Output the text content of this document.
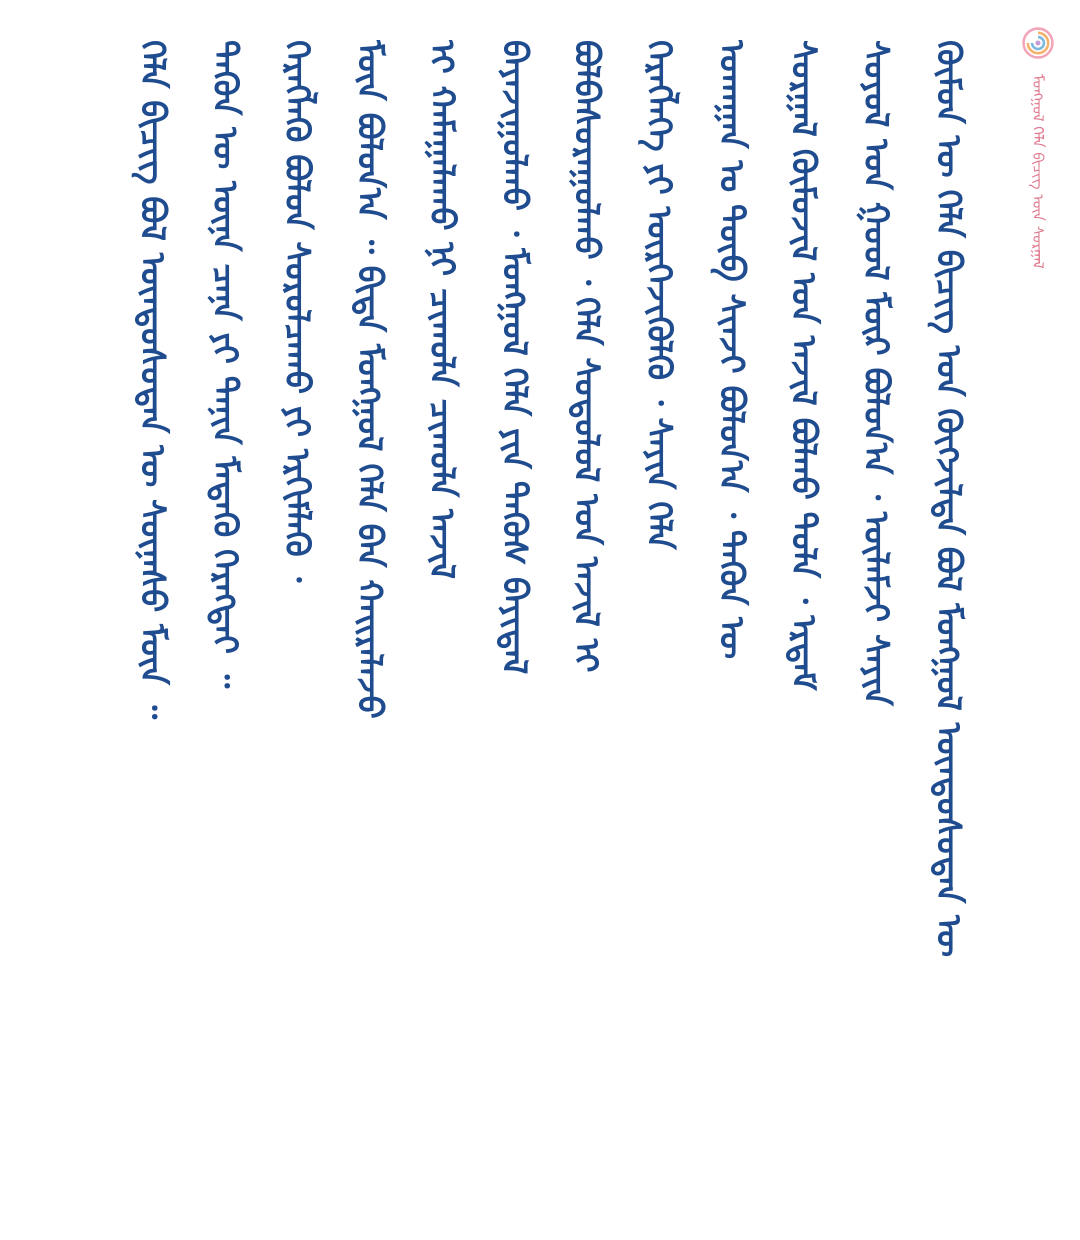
ᠮᠣᠩᠭᠣᠯ ᠬᠡᠯᠡ ᠪᠢᠴᠢᠭ ᠦᠨ ᠰᠤᠷᠭᠠᠯ
ᠬᠦᠮᠦᠨ ᠦ ᠬᠡᠯᠡ ᠪᠢᠴᠢᠭ ᠤᠨ ᠬᠥᠭᠵᠢᠯᠲᠡ ᠪᠣᠯ ᠮᠣᠩᠭᠣᠯ ᠦᠨᠳᠦᠰᠦᠲᠡᠨ ᠦ
ᠰᠣᠶᠣᠯ ᠤᠨ ᠭᠣᠣᠯ ᠮᠥᠷ ᠪᠣᠯᠤᠨ᠎ᠠ ᠂ ᠦᠯᠡᠮᠵᠢ ᠰᠠᠶᠢᠨ
ᠰᠤᠷᠭᠠᠯ ᠬᠥᠮᠦᠵᠢᠯ ᠤᠨ ᠠᠵᠢᠯ ᠪᠣᠯᠬᠤ ᠲᠤᠯᠠ ᠂ ᠡᠷᠳᠡᠮ
ᠤᠬᠠᠭᠠᠨ ᠤ ᠲᠦᠪ ᠰᠢᠨᠵᠢ ᠪᠣᠯᠤᠨ᠎ᠠ ᠂ ᠲᠡᠭᠦᠨ ᠦ
ᠬᠡᠷᠡᠭᠯᠡᠭᠡ ᠶᠢ ᠥᠷᠭᠡᠵᠢᠭᠦᠯᠬᠦ ᠂ ᠰᠠᠶᠢᠨ ᠬᠡᠯᠡ
ᠪᠣᠯᠪᠠᠰᠤᠷᠠᠭᠤᠯᠬᠤ ᠂ ᠬᠡᠯᠡ ᠰᠤᠳᠤᠯᠤᠯ ᠤᠨ ᠠᠵᠢᠯ ᠢ
ᠪᠠᠶᠠᠵᠢᠭᠤᠯᠬᠤ ᠂ ᠮᠣᠩᠭᠣᠯ ᠬᠡᠯᠡ ᠶᠢᠨ ᠲᠡᠭᠦᠰ ᠪᠠᠶᠢᠳᠠᠯ
ᠢ ᠬᠠᠮᠠᠭᠠᠯᠠᠬᠤ ᠨᠢ ᠴᠢᠬᠤᠯᠠ ᠴᠢᠬᠤᠯᠠ ᠠᠵᠢᠯ
ᠮᠥᠨ ᠪᠣᠯᠤᠨ᠎ᠠ ᠃ ᠪᠢᠳᠡ ᠮᠣᠩᠭᠣᠯ ᠬᠡᠯᠡ ᠪᠡᠨ ᠬᠠᠢᠷᠠᠯᠠᠵᠤ
ᠬᠡᠷᠡᠭᠯᠡᠬᠦ ᠪᠣᠯᠤᠨ ᠰᠤᠷᠤᠯᠴᠠᠬᠤ ᠶᠢ ᠡᠷᠬᠢᠮᠯᠡᠬᠦ ᠂
ᠲᠡᠭᠦᠨ ᠦ ᠦᠨᠡ ᠴᠡᠨᠡ ᠶᠢ ᠲᠠᠨᠢᠨ ᠮᠡᠳᠡᠬᠦ ᠬᠡᠷᠡᠭᠲᠡᠢ ᠃
ᠬᠡᠯᠡ ᠪᠢᠴᠢᠭ ᠪᠣᠯ ᠦᠨᠳᠦᠰᠦᠲᠡᠨ ᠦ ᠰᠦᠨᠡᠰᠦ ᠮᠥᠨ ᠃
